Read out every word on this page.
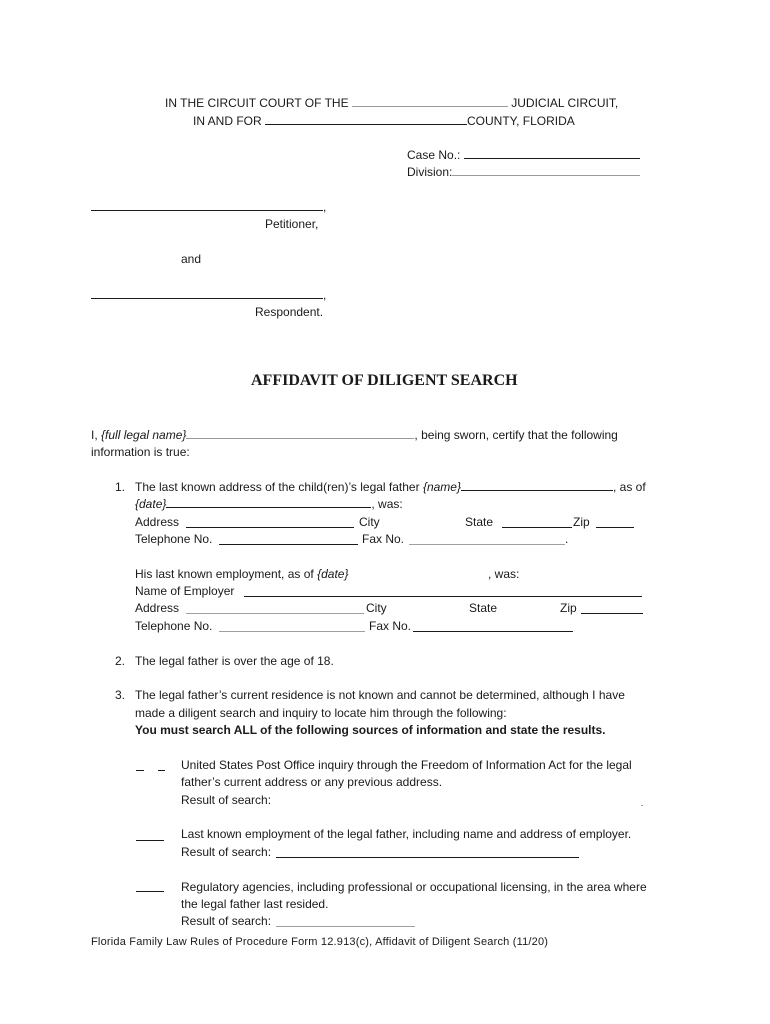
IN THE CIRCUIT COURT OF THE	JUDICIAL CIRCUIT,
IN AND FOR	COUNTY, FLORIDA
Case No.:
Division:
,
Petitioner,
and
,
Respondent.
AFFIDAVIT OF DILIGENT SEARCH
I, {full legal name}	, being sworn, certify that the following
information is true:
1. The last known address of the child(ren)’s legal father {name}	, as of
{date}	, was:
Address	City	State	Zip
Telephone No.	Fax No.	.
His last known employment, as of {date}	, was:
Name of Employer
Address	City	State	Zip
Telephone No.	Fax No.
2. The legal father is over the age of 18.
3. The legal father’s current residence is not known and cannot be determined, although I have
made a diligent search and inquiry to locate him through the following:
You must search ALL of the following sources of information and state the results.
United States Post Office inquiry through the Freedom of Information Act for the legal
father’s current address or any previous address.
Result of search:
Last known employment of the legal father, including name and address of employer.
Result of search:
Regulatory agencies, including professional or occupational licensing, in the area where
the legal father last resided.
Result of search:
Florida Family Law Rules of Procedure Form 12.913(c), Affidavit of Diligent Search (11/20)
